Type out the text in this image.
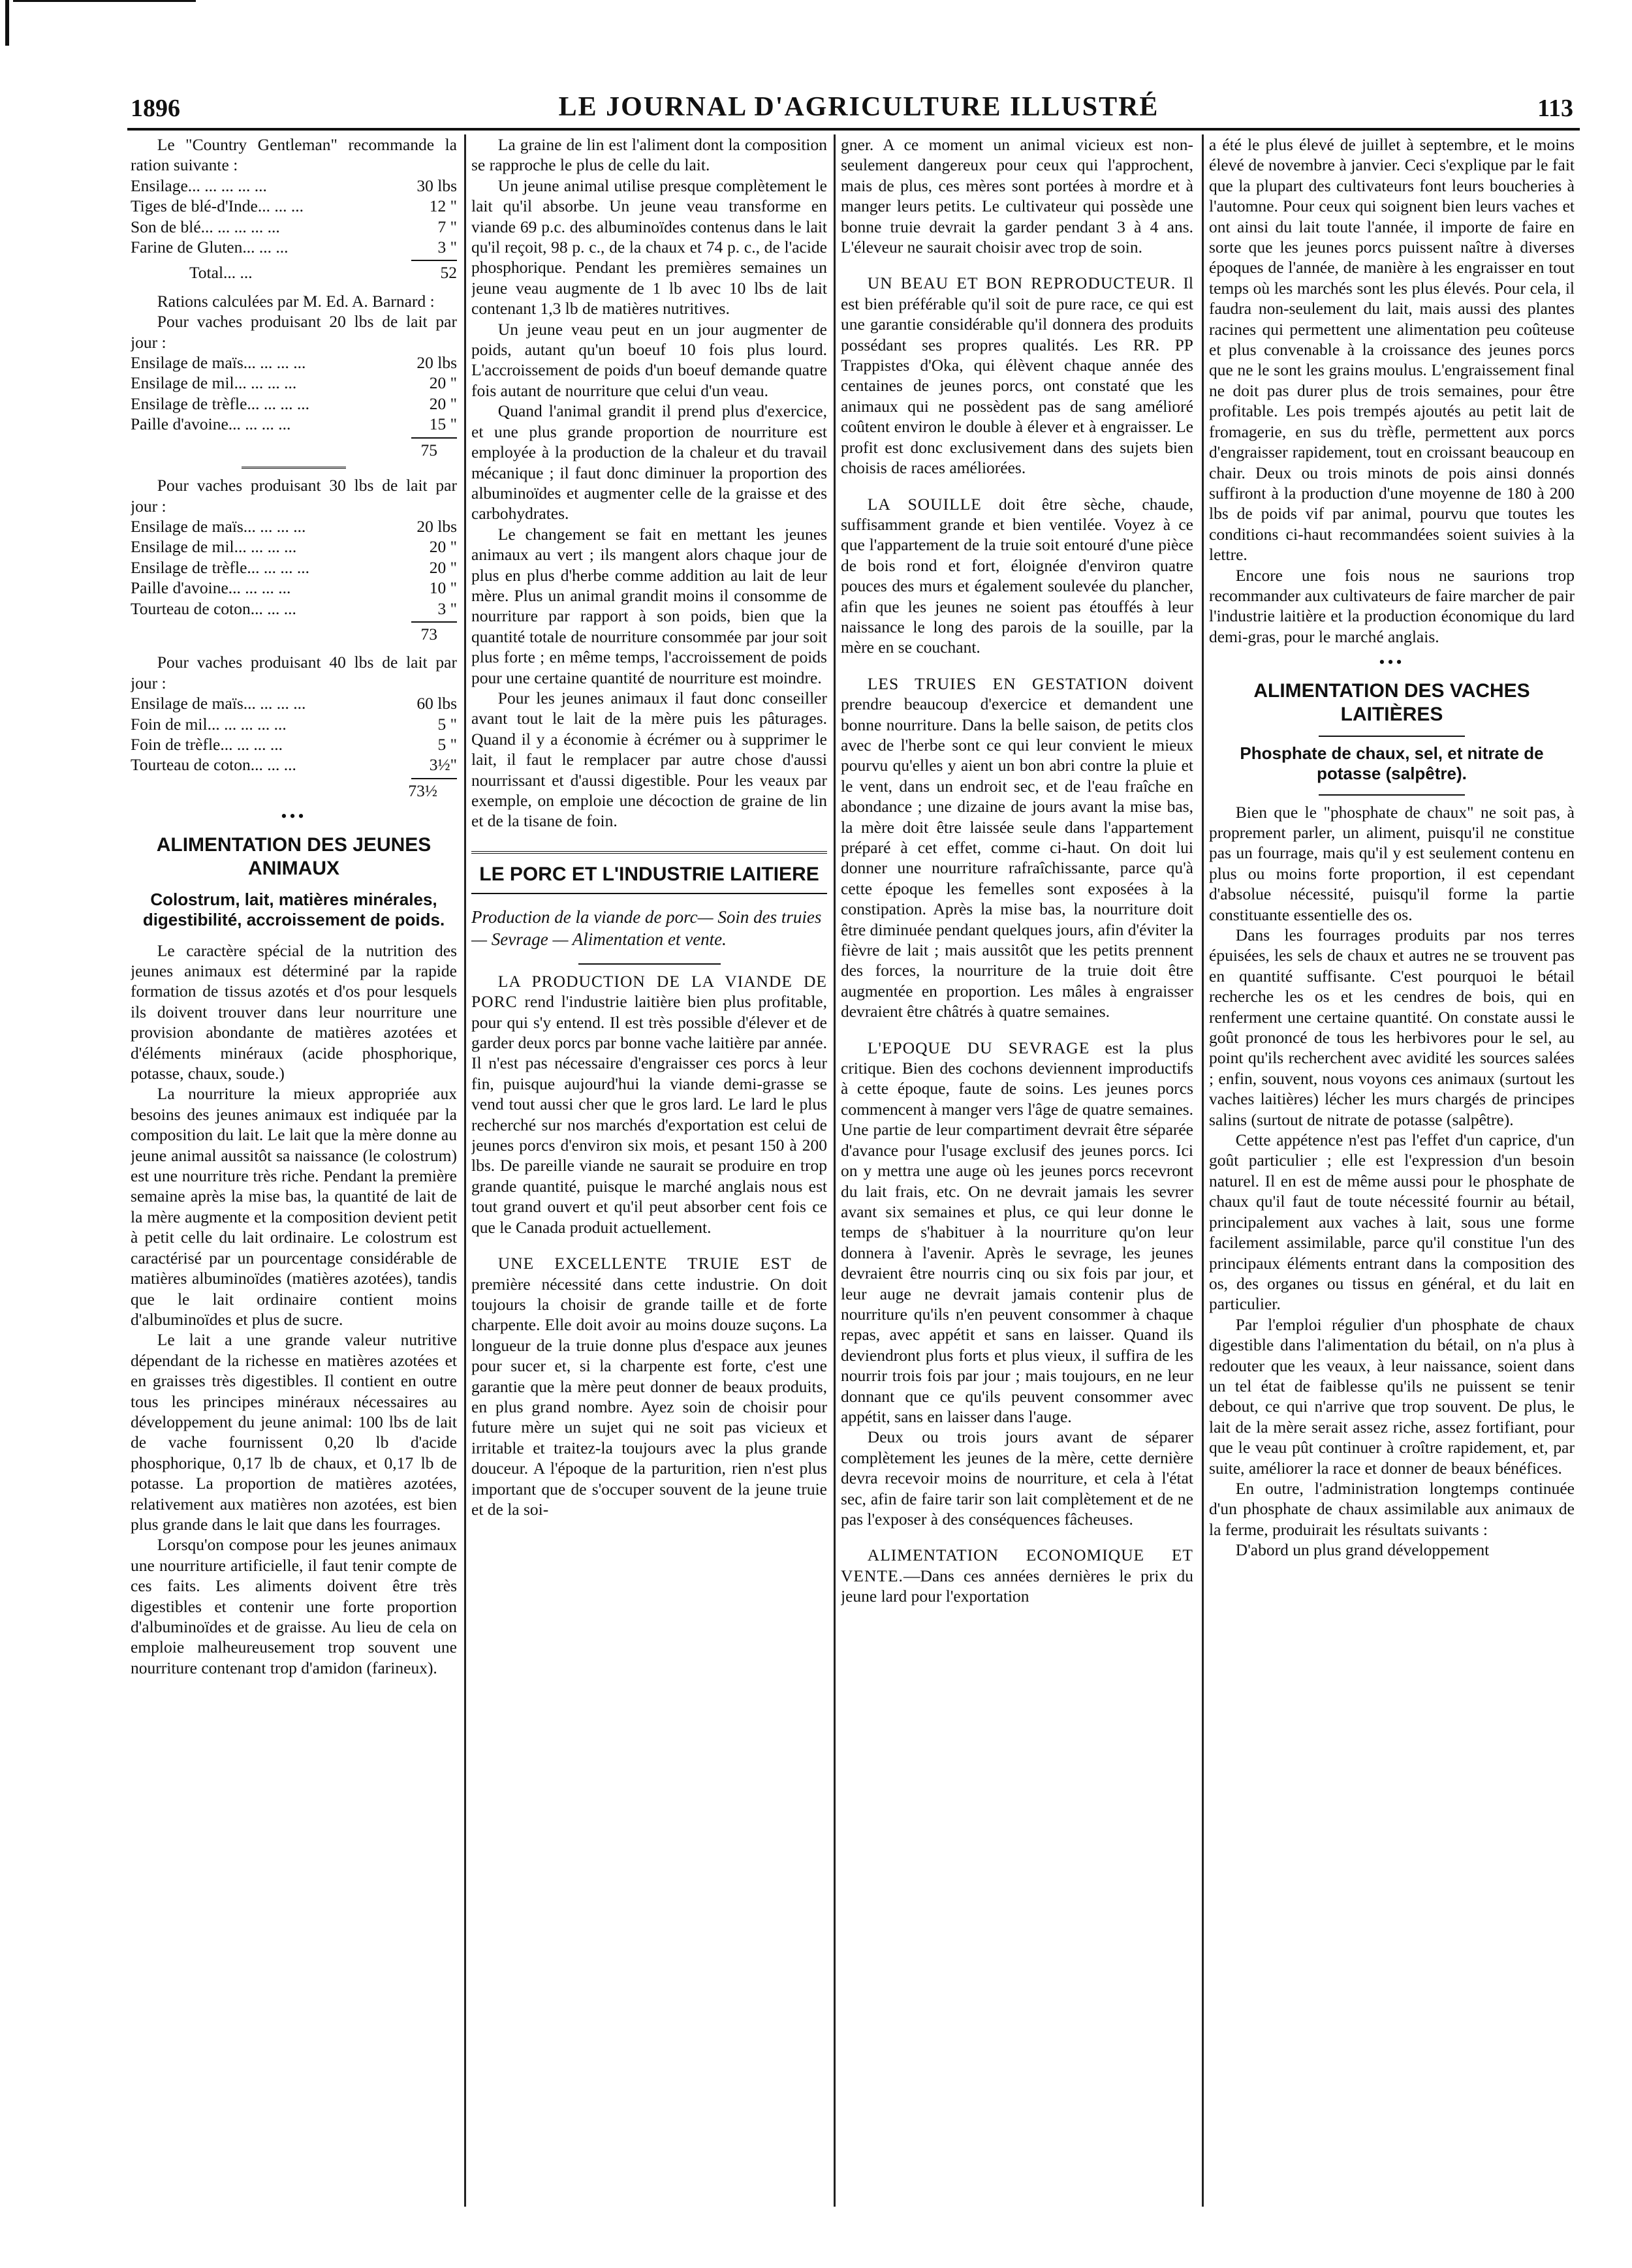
1896	LE JOURNAL D'AGRICULTURE ILLUSTRÉ	113

Le "Country Gentleman" recommande la ration suivante :

Ensilage... ... ... ... ...	30 lbs
Tiges de blé-d'Inde... ... ...	12 "
Son de blé... ... ... ... ...	7 "
Farine de Gluten... ... ...	3 "
Total... ...	52

Rations calculées par M. Ed. A. Barnard :

Pour vaches produisant 20 lbs de lait par jour :

Ensilage de maïs... ... ... ...	20 lbs
Ensilage de mil... ... ... ...	20 "
Ensilage de trèfle... ... ... ...	20 "
Paille d'avoine... ... ... ...	15 "
75

Pour vaches produisant 30 lbs de lait par jour :

Ensilage de maïs... ... ... ...	20 lbs
Ensilage de mil... ... ... ...	20 "
Ensilage de trèfle... ... ... ...	20 "
Paille d'avoine... ... ... ...	10 "
Tourteau de coton... ... ...	3 "
73

Pour vaches produisant 40 lbs de lait par jour :

Ensilage de maïs... ... ... ...	60 lbs
Foin de mil... ... ... ... ...	5 "
Foin de trèfle... ... ... ...	5 "
Tourteau de coton... ... ...	3½"
73½
•••
ALIMENTATION DES JEUNES ANIMAUX
Colostrum, lait, matières minérales, digestibilité, accroissement de poids.

Le caractère spécial de la nutrition des jeunes animaux est déterminé par la rapide formation de tissus azotés et d'os pour lesquels ils doivent trouver dans leur nourriture une provision abondante de matières azotées et d'éléments minéraux (acide phosphorique, potasse, chaux, soude.)

La nourriture la mieux appropriée aux besoins des jeunes animaux est indiquée par la composition du lait. Le lait que la mère donne au jeune animal aussitôt sa naissance (le colostrum) est une nourriture très riche. Pendant la première semaine après la mise bas, la quantité de lait de la mère augmente et la composition devient petit à petit celle du lait ordinaire. Le colostrum est caractérisé par un pourcentage considérable de matières albuminoïdes (matières azotées), tandis que le lait ordinaire contient moins d'albuminoïdes et plus de sucre.

Le lait a une grande valeur nutritive dépendant de la richesse en matières azotées et en graisses très digestibles. Il contient en outre tous les principes minéraux nécessaires au développement du jeune animal: 100 lbs de lait de vache fournissent 0,20 lb d'acide phosphorique, 0,17 lb de chaux, et 0,17 lb de potasse. La proportion de matières azotées, relativement aux matières non azotées, est bien plus grande dans le lait que dans les fourrages.

Lorsqu'on compose pour les jeunes animaux une nourriture artificielle, il faut tenir compte de ces faits. Les aliments doivent être très digestibles et contenir une forte proportion d'albuminoïdes et de graisse. Au lieu de cela on emploie malheureusement trop souvent une nourriture contenant trop d'amidon (farineux).

La graine de lin est l'aliment dont la composition se rapproche le plus de celle du lait.

Un jeune animal utilise presque complètement le lait qu'il absorbe. Un jeune veau transforme en viande 69 p.c. des albuminoïdes contenus dans le lait qu'il reçoit, 98 p. c., de la chaux et 74 p. c., de l'acide phosphorique. Pendant les premières semaines un jeune veau augmente de 1 lb avec 10 lbs de lait contenant 1,3 lb de matières nutritives.

Un jeune veau peut en un jour augmenter de poids, autant qu'un boeuf 10 fois plus lourd. L'accroissement de poids d'un boeuf demande quatre fois autant de nourriture que celui d'un veau.

Quand l'animal grandit il prend plus d'exercice, et une plus grande proportion de nourriture est employée à la production de la chaleur et du travail mécanique ; il faut donc diminuer la proportion des albuminoïdes et augmenter celle de la graisse et des carbohydrates.

Le changement se fait en mettant les jeunes animaux au vert ; ils mangent alors chaque jour de plus en plus d'herbe comme addition au lait de leur mère. Plus un animal grandit moins il consomme de nourriture par rapport à son poids, bien que la quantité totale de nourriture consommée par jour soit plus forte ; en même temps, l'accroissement de poids pour une certaine quantité de nourriture est moindre.

Pour les jeunes animaux il faut donc conseiller avant tout le lait de la mère puis les pâturages. Quand il y a économie à écrémer ou à supprimer le lait, il faut le remplacer par autre chose d'aussi nourrissant et d'aussi digestible. Pour les veaux par exemple, on emploie une décoction de graine de lin et de la tisane de foin.

LE PORC ET L'INDUSTRIE LAITIERE

Production de la viande de porc— Soin des truies — Sevrage — Alimentation et vente.

LA PRODUCTION DE LA VIANDE DE PORC rend l'industrie laitière bien plus profitable, pour qui s'y entend. Il est très possible d'élever et de garder deux porcs par bonne vache laitière par année. Il n'est pas nécessaire d'engraisser ces porcs à leur fin, puisque aujourd'hui la viande demi-grasse se vend tout aussi cher que le gros lard. Le lard le plus recherché sur nos marchés d'exportation est celui de jeunes porcs d'environ six mois, et pesant 150 à 200 lbs. De pareille viande ne saurait se produire en trop grande quantité, puisque le marché anglais nous est tout grand ouvert et qu'il peut absorber cent fois ce que le Canada produit actuellement.

UNE EXCELLENTE TRUIE EST de première nécessité dans cette industrie. On doit toujours la choisir de grande taille et de forte charpente. Elle doit avoir au moins douze suçons. La longueur de la truie donne plus d'espace aux jeunes pour sucer et, si la charpente est forte, c'est une garantie que la mère peut donner de beaux produits, en plus grand nombre. Ayez soin de choisir pour future mère un sujet qui ne soit pas vicieux et irritable et traitez-la toujours avec la plus grande douceur. A l'époque de la parturition, rien n'est plus important que de s'occuper souvent de la jeune truie et de la soi-

gner. A ce moment un animal vicieux est non-seulement dangereux pour ceux qui l'approchent, mais de plus, ces mères sont portées à mordre et à manger leurs petits. Le cultivateur qui possède une bonne truie devrait la garder pendant 3 à 4 ans. L'éleveur ne saurait choisir avec trop de soin.

UN BEAU ET BON REPRODUCTEUR. Il est bien préférable qu'il soit de pure race, ce qui est une garantie considérable qu'il donnera des produits possédant ses propres qualités. Les RR. PP Trappistes d'Oka, qui élèvent chaque année des centaines de jeunes porcs, ont constaté que les animaux qui ne possèdent pas de sang amélioré coûtent environ le double à élever et à engraisser. Le profit est donc exclusivement dans des sujets bien choisis de races améliorées.

LA SOUILLE doit être sèche, chaude, suffisamment grande et bien ventilée. Voyez à ce que l'appartement de la truie soit entouré d'une pièce de bois rond et fort, éloignée d'environ quatre pouces des murs et également soulevée du plancher, afin que les jeunes ne soient pas étouffés à leur naissance le long des parois de la souille, par la mère en se couchant.

LES TRUIES EN GESTATION doivent prendre beaucoup d'exercice et demandent une bonne nourriture. Dans la belle saison, de petits clos avec de l'herbe sont ce qui leur convient le mieux pourvu qu'elles y aient un bon abri contre la pluie et le vent, dans un endroit sec, et de l'eau fraîche en abondance ; une dizaine de jours avant la mise bas, la mère doit être laissée seule dans l'appartement préparé à cet effet, comme ci-haut. On doit lui donner une nourriture rafraîchissante, parce qu'à cette époque les femelles sont exposées à la constipation. Après la mise bas, la nourriture doit être diminuée pendant quelques jours, afin d'éviter la fièvre de lait ; mais aussitôt que les petits prennent des forces, la nourriture de la truie doit être augmentée en proportion. Les mâles à engraisser devraient être châtrés à quatre semaines.

L'EPOQUE DU SEVRAGE est la plus critique. Bien des cochons deviennent improductifs à cette époque, faute de soins. Les jeunes porcs commencent à manger vers l'âge de quatre semaines. Une partie de leur compartiment devrait être séparée d'avance pour l'usage exclusif des jeunes porcs. Ici on y mettra une auge où les jeunes porcs recevront du lait frais, etc. On ne devrait jamais les sevrer avant six semaines et plus, ce qui leur donne le temps de s'habituer à la nourriture qu'on leur donnera à l'avenir. Après le sevrage, les jeunes devraient être nourris cinq ou six fois par jour, et leur auge ne devrait jamais contenir plus de nourriture qu'ils n'en peuvent consommer à chaque repas, avec appétit et sans en laisser. Quand ils deviendront plus forts et plus vieux, il suffira de les nourrir trois fois par jour ; mais toujours, en ne leur donnant que ce qu'ils peuvent consommer avec appétit, sans en laisser dans l'auge.

Deux ou trois jours avant de séparer complètement les jeunes de la mère, cette dernière devra recevoir moins de nourriture, et cela à l'état sec, afin de faire tarir son lait complètement et de ne pas l'exposer à des conséquences fâcheuses.

ALIMENTATION ECONOMIQUE ET VENTE.—Dans ces années dernières le prix du jeune lard pour l'exportation

a été le plus élevé de juillet à septembre, et le moins élevé de novembre à janvier. Ceci s'explique par le fait que la plupart des cultivateurs font leurs boucheries à l'automne. Pour ceux qui soignent bien leurs vaches et ont ainsi du lait toute l'année, il importe de faire en sorte que les jeunes porcs puissent naître à diverses époques de l'année, de manière à les engraisser en tout temps où les marchés sont les plus élevés. Pour cela, il faudra non-seulement du lait, mais aussi des plantes racines qui permettent une alimentation peu coûteuse et plus convenable à la croissance des jeunes porcs que ne le sont les grains moulus. L'engraissement final ne doit pas durer plus de trois semaines, pour être profitable. Les pois trempés ajoutés au petit lait de fromagerie, en sus du trèfle, permettent aux porcs d'engraisser rapidement, tout en croissant beaucoup en chair. Deux ou trois minots de pois ainsi donnés suffiront à la production d'une moyenne de 180 à 200 lbs de poids vif par animal, pourvu que toutes les conditions ci-haut recommandées soient suivies à la lettre.

Encore une fois nous ne saurions trop recommander aux cultivateurs de faire marcher de pair l'industrie laitière et la production économique du lard demi-gras, pour le marché anglais.

•••
ALIMENTATION DES VACHES LAITIÈRES
Phosphate de chaux, sel, et nitrate de potasse (salpêtre).

Bien que le "phosphate de chaux" ne soit pas, à proprement parler, un aliment, puisqu'il ne constitue pas un fourrage, mais qu'il y est seulement contenu en plus ou moins forte proportion, il est cependant d'absolue nécessité, puisqu'il forme la partie constituante essentielle des os.

Dans les fourrages produits par nos terres épuisées, les sels de chaux et autres ne se trouvent pas en quantité suffisante. C'est pourquoi le bétail recherche les os et les cendres de bois, qui en renferment une certaine quantité. On constate aussi le goût prononcé de tous les herbivores pour le sel, au point qu'ils recherchent avec avidité les sources salées ; enfin, souvent, nous voyons ces animaux (surtout les vaches laitières) lécher les murs chargés de principes salins (surtout de nitrate de potasse (salpêtre).

Cette appétence n'est pas l'effet d'un caprice, d'un goût particulier ; elle est l'expression d'un besoin naturel. Il en est de même aussi pour le phosphate de chaux qu'il faut de toute nécessité fournir au bétail, principalement aux vaches à lait, sous une forme facilement assimilable, parce qu'il constitue l'un des principaux éléments entrant dans la composition des os, des organes ou tissus en général, et du lait en particulier.

Par l'emploi régulier d'un phosphate de chaux digestible dans l'alimentation du bétail, on n'a plus à redouter que les veaux, à leur naissance, soient dans un tel état de faiblesse qu'ils ne puissent se tenir debout, ce qui n'arrive que trop souvent. De plus, le lait de la mère serait assez riche, assez fortifiant, pour que le veau pût continuer à croître rapidement, et, par suite, améliorer la race et donner de beaux bénéfices.

En outre, l'administration longtemps continuée d'un phosphate de chaux assimilable aux animaux de la ferme, produirait les résultats suivants :

D'abord un plus grand développement
